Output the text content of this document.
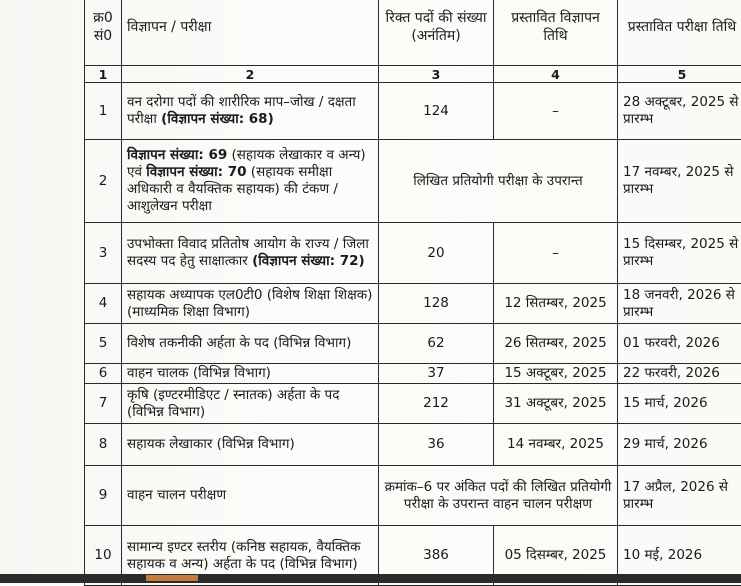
क्र0 सं0	विज्ञापन / परीक्षा	रिक्त पदों की संख्या (अनंतिम)	प्रस्तावित विज्ञापन तिथि	प्रस्तावित परीक्षा तिथि
1	2	3	4	5
1	वन दरोगा पदों की शारीरिक माप–जोख / दक्षता परीक्षा (विज्ञापन संख्या: 68)	124	–	28 अक्टूबर, 2025 से प्रारम्भ
2	विज्ञापन संख्या: 69 (सहायक लेखाकार व अन्य) एवं विज्ञापन संख्या: 70 (सहायक समीक्षा अधिकारी व वैयक्तिक सहायक) की टंकण / आशुलेखन परीक्षा	लिखित प्रतियोगी परीक्षा के उपरान्त		17 नवम्बर, 2025 से प्रारम्भ
3	उपभोक्ता विवाद प्रतितोष आयोग के राज्य / जिला सदस्य पद हेतु साक्षात्कार (विज्ञापन संख्या: 72)	20	–	15 दिसम्बर, 2025 से प्रारम्भ
4	सहायक अध्यापक एल0टी0 (विशेष शिक्षा शिक्षक) (माध्यमिक शिक्षा विभाग)	128	12 सितम्बर, 2025	18 जनवरी, 2026 से प्रारम्भ
5	विशेष तकनीकी अर्हता के पद (विभिन्न विभाग)	62	26 सितम्बर, 2025	01 फरवरी, 2026
6	वाहन चालक (विभिन्न विभाग)	37	15 अक्टूबर, 2025	22 फरवरी, 2026
7	कृषि (इण्टरमीडिएट / स्नातक) अर्हता के पद (विभिन्न विभाग)	212	31 अक्टूबर, 2025	15 मार्च, 2026
8	सहायक लेखाकार (विभिन्न विभाग)	36	14 नवम्बर, 2025	29 मार्च, 2026
9	वाहन चालन परीक्षण	क्रमांक–6 पर अंकित पदों की लिखित प्रतियोगी परीक्षा के उपरान्त वाहन चालन परीक्षण		17 अप्रैल, 2026 से प्रारम्भ
10	सामान्य इण्टर स्तरीय (कनिष्ठ सहायक, वैयक्तिक सहायक व अन्य) अर्हता के पद (विभिन्न विभाग)	386	05 दिसम्बर, 2025	10 मई, 2026
